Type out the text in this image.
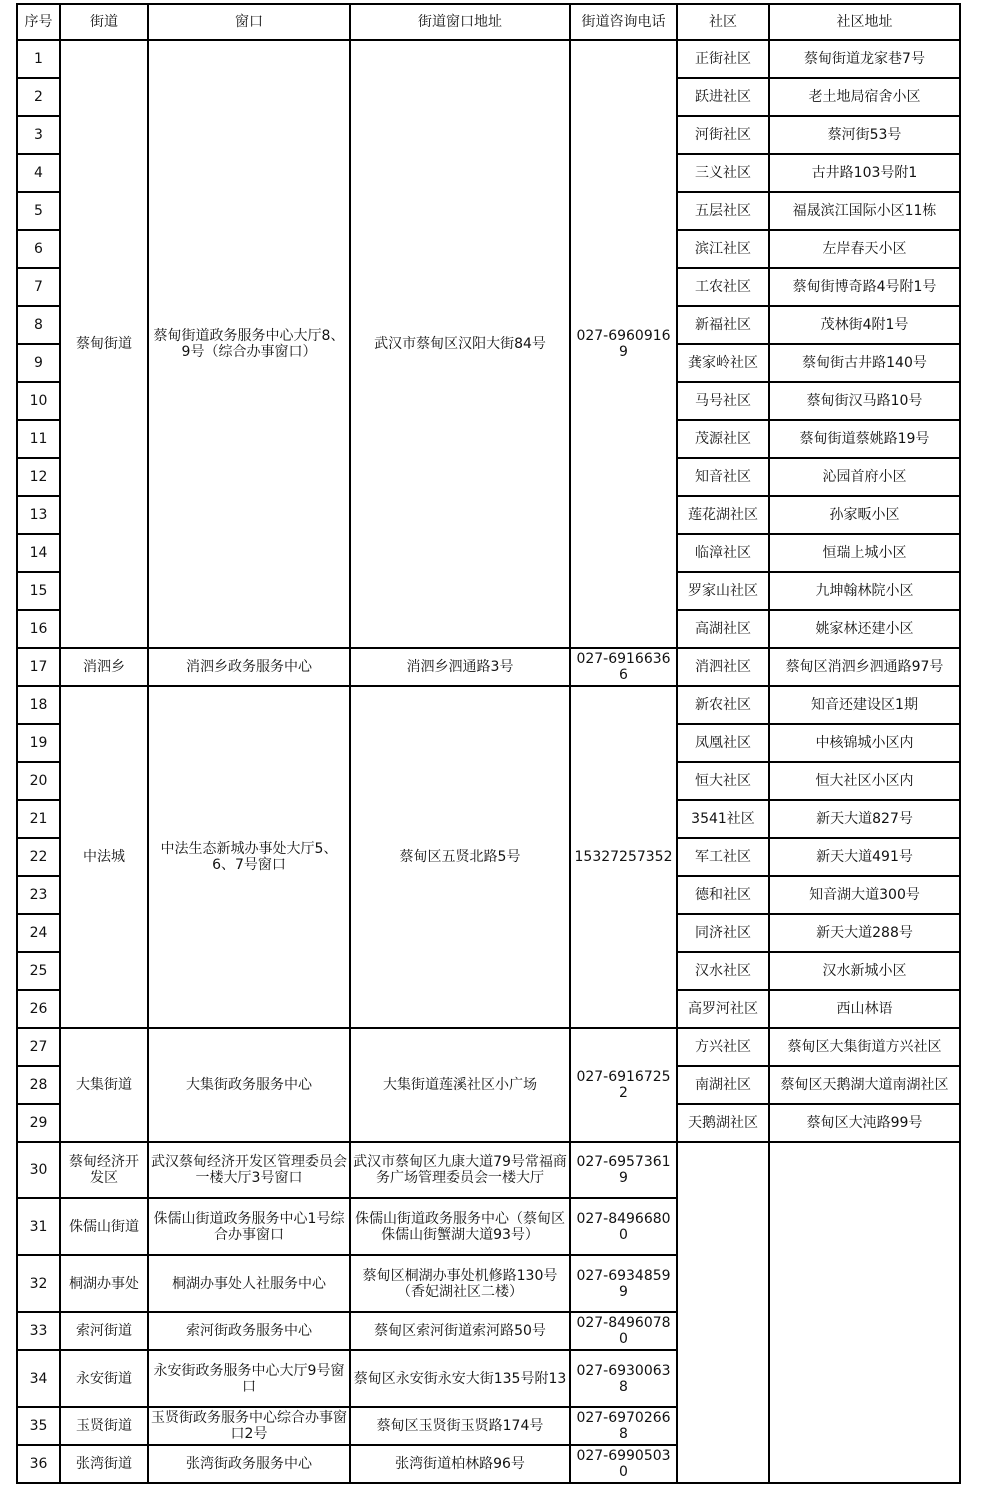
序号	街道	窗口	街道窗口地址	街道咨询电话	社区	社区地址
1	蔡甸街道	蔡甸街道政务服务中心大厅8、9号（综合办事窗口）	武汉市蔡甸区汉阳大街84号	027-69609169	正街社区	蔡甸街道龙家巷7号
2					跃进社区	老土地局宿舍小区
3					河街社区	蔡河街53号
4					三义社区	古井路103号附1
5					五层社区	福晟滨江国际小区11栋
6					滨江社区	左岸春天小区
7					工农社区	蔡甸街博奇路4号附1号
8					新福社区	茂林街4附1号
9					龚家岭社区	蔡甸街古井路140号
10					马号社区	蔡甸街汉马路10号
11					茂源社区	蔡甸街道蔡姚路19号
12					知音社区	沁园首府小区
13					莲花湖社区	孙家畈小区
14					临漳社区	恒瑞上城小区
15					罗家山社区	九坤翰林院小区
16					高湖社区	姚家林还建小区
17	消泗乡	消泗乡政务服务中心	消泗乡泗通路3号	027-69166366	消泗社区	蔡甸区消泗乡泗通路97号
18	中法城	中法生态新城办事处大厅5、6、7号窗口	蔡甸区五贤北路5号	15327257352	新农社区	知音还建设区1期
19					凤凰社区	中核锦城小区内
20					恒大社区	恒大社区小区内
21					3541社区	新天大道827号
22					军工社区	新天大道491号
23					德和社区	知音湖大道300号
24					同济社区	新天大道288号
25					汉水社区	汉水新城小区
26					高罗河社区	西山林语
27	大集街道	大集街政务服务中心	大集街道莲溪社区小广场	027-69167252	方兴社区	蔡甸区大集街道方兴社区
28					南湖社区	蔡甸区天鹅湖大道南湖社区
29					天鹅湖社区	蔡甸区大沌路99号
30	蔡甸经济开发区	武汉蔡甸经济开发区管理委员会一楼大厅3号窗口	武汉市蔡甸区九康大道79号常福商务广场管理委员会一楼大厅	027-69573619		
31	侏儒山街道	侏儒山街道政务服务中心1号综合办事窗口	侏儒山街道政务服务中心（蔡甸区侏儒山街蟹湖大道93号）	027-84966800		
32	桐湖办事处	桐湖办事处人社服务中心	蔡甸区桐湖办事处机修路130号（香妃湖社区二楼）	027-69348599		
33	索河街道	索河街政务服务中心	蔡甸区索河街道索河路50号	027-84960780		
34	永安街道	永安街政务服务中心大厅9号窗口	蔡甸区永安街永安大街135号附13	027-69300638		
35	玉贤街道	玉贤街政务服务中心综合办事窗口2号	蔡甸区玉贤街玉贤路174号	027-69702668		
36	张湾街道	张湾街政务服务中心	张湾街道柏林路96号	027-69905030		
